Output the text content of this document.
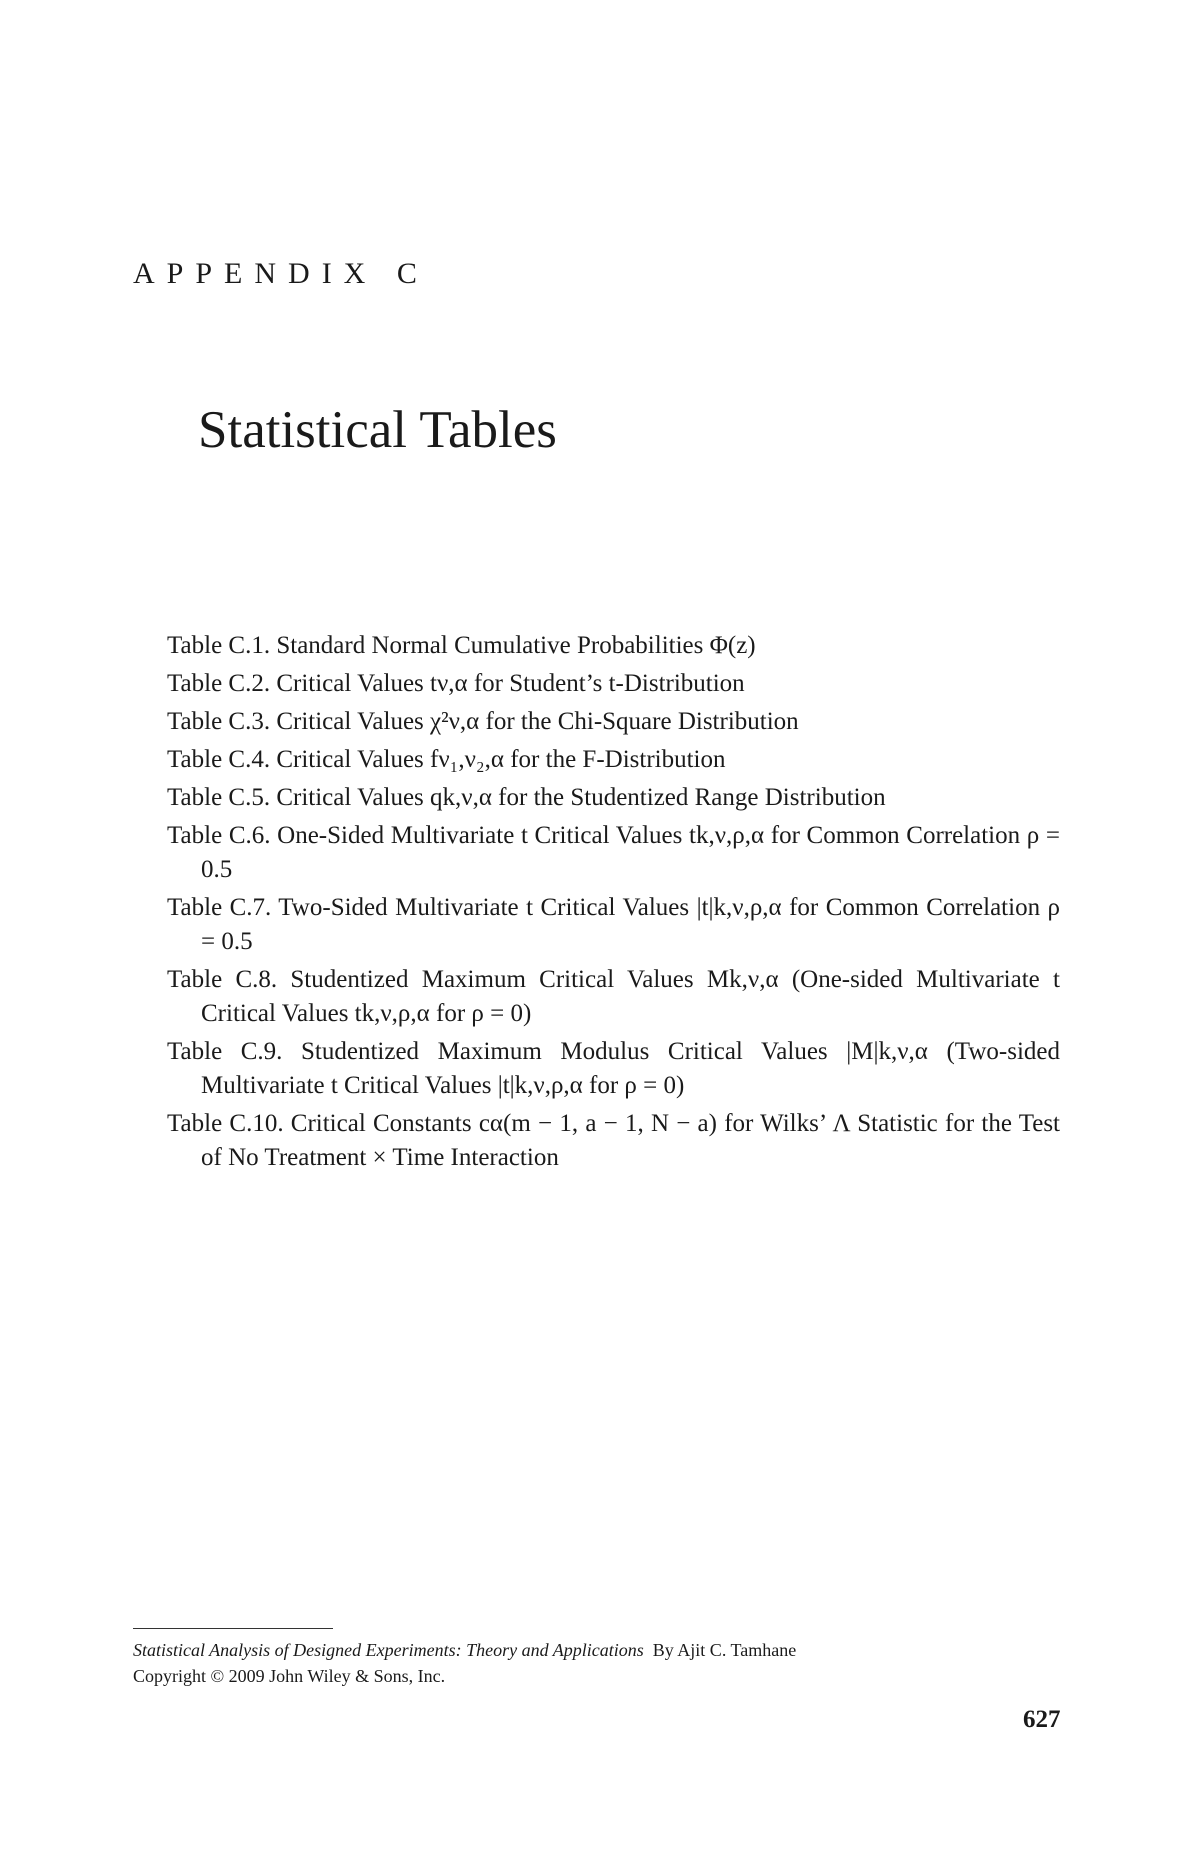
APPENDIX C
Statistical Tables
Table C.1. Standard Normal Cumulative Probabilities Φ(z)
Table C.2. Critical Values tν,α for Student’s t-Distribution
Table C.3. Critical Values χ²ν,α for the Chi-Square Distribution
Table C.4. Critical Values fν₁,ν₂,α for the F-Distribution
Table C.5. Critical Values qk,ν,α for the Studentized Range Distribution
Table C.6. One-Sided Multivariate t Critical Values tk,ν,ρ,α for Common Correlation ρ = 0.5
Table C.7. Two-Sided Multivariate t Critical Values |t|k,ν,ρ,α for Common Correlation ρ = 0.5
Table C.8. Studentized Maximum Critical Values Mk,ν,α (One-sided Multivariate t Critical Values tk,ν,ρ,α for ρ = 0)
Table C.9. Studentized Maximum Modulus Critical Values |M|k,ν,α (Two-sided Multivariate t Critical Values |t|k,ν,ρ,α for ρ = 0)
Table C.10. Critical Constants cα(m − 1, a − 1, N − a) for Wilks’ Λ Statistic for the Test of No Treatment × Time Interaction
Statistical Analysis of Designed Experiments: Theory and Applications By Ajit C. Tamhane
Copyright © 2009 John Wiley & Sons, Inc.
627
